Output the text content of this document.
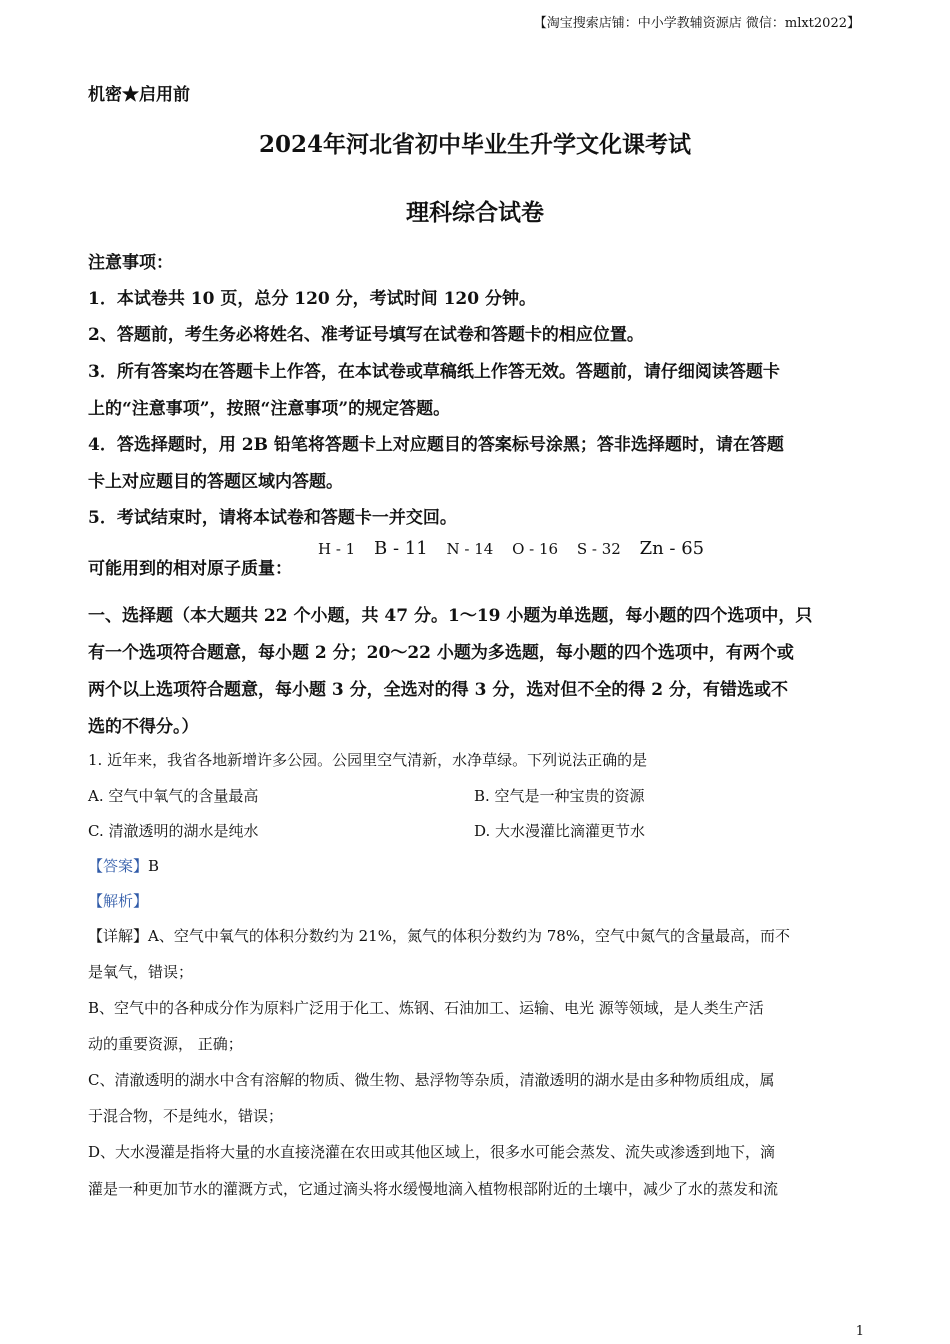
【淘宝搜索店铺：中小学教辅资源店 微信：mlxt2022】
机密★启用前
2024年河北省初中毕业生升学文化课考试
理科综合试卷
注意事项：
1．本试卷共 10 页，总分 120 分，考试时间 120 分钟。
2、答题前，考生务必将姓名、准考证号填写在试卷和答题卡的相应位置。
3．所有答案均在答题卡上作答，在本试卷或草稿纸上作答无效。答题前，请仔细阅读答题卡
上的“注意事项”，按照“注意事项”的规定答题。
4．答选择题时，用 2B 铅笔将答题卡上对应题目的答案标号涂黑；答非选择题时，请在答题
卡上对应题目的答题区域内答题。
5．考试结束时，请将本试卷和答题卡一并交回。
可能用到的相对原子质量：
H - 1 B - 11 N - 14 O - 16 S - 32 Zn - 65
一、选择题（本大题共 22 个小题，共 47 分。1～19 小题为单选题，每小题的四个选项中，只
有一个选项符合题意，每小题 2 分；20～22 小题为多选题，每小题的四个选项中，有两个或
两个以上选项符合题意，每小题 3 分，全选对的得 3 分，选对但不全的得 2 分，有错选或不
选的不得分。）
1. 近年来，我省各地新增许多公园。公园里空气清新，水净草绿。下列说法正确的是
A. 空气中氧气的含量最高	B. 空气是一种宝贵的资源
C. 清澈透明的湖水是纯水	D. 大水漫灌比滴灌更节水
【答案】B
【解析】
【详解】A、空气中氧气的体积分数约为 21%，氮气的体积分数约为 78%，空气中氮气的含量最高，而不
是氧气，错误；
B、空气中的各种成分作为原料广泛用于化工、炼钢、石油加工、运输、电光 源等领域，是人类生产活
动的重要资源， 正确；
C、清澈透明的湖水中含有溶解的物质、微生物、悬浮物等杂质，清澈透明的湖水是由多种物质组成，属
于混合物，不是纯水，错误；
D、大水漫灌是指将大量的水直接浇灌在农田或其他区域上，很多水可能会蒸发、流失或渗透到地下，滴
灌是一种更加节水的灌溉方式，它通过滴头将水缓慢地滴入植物根部附近的土壤中，减少了水的蒸发和流
1
